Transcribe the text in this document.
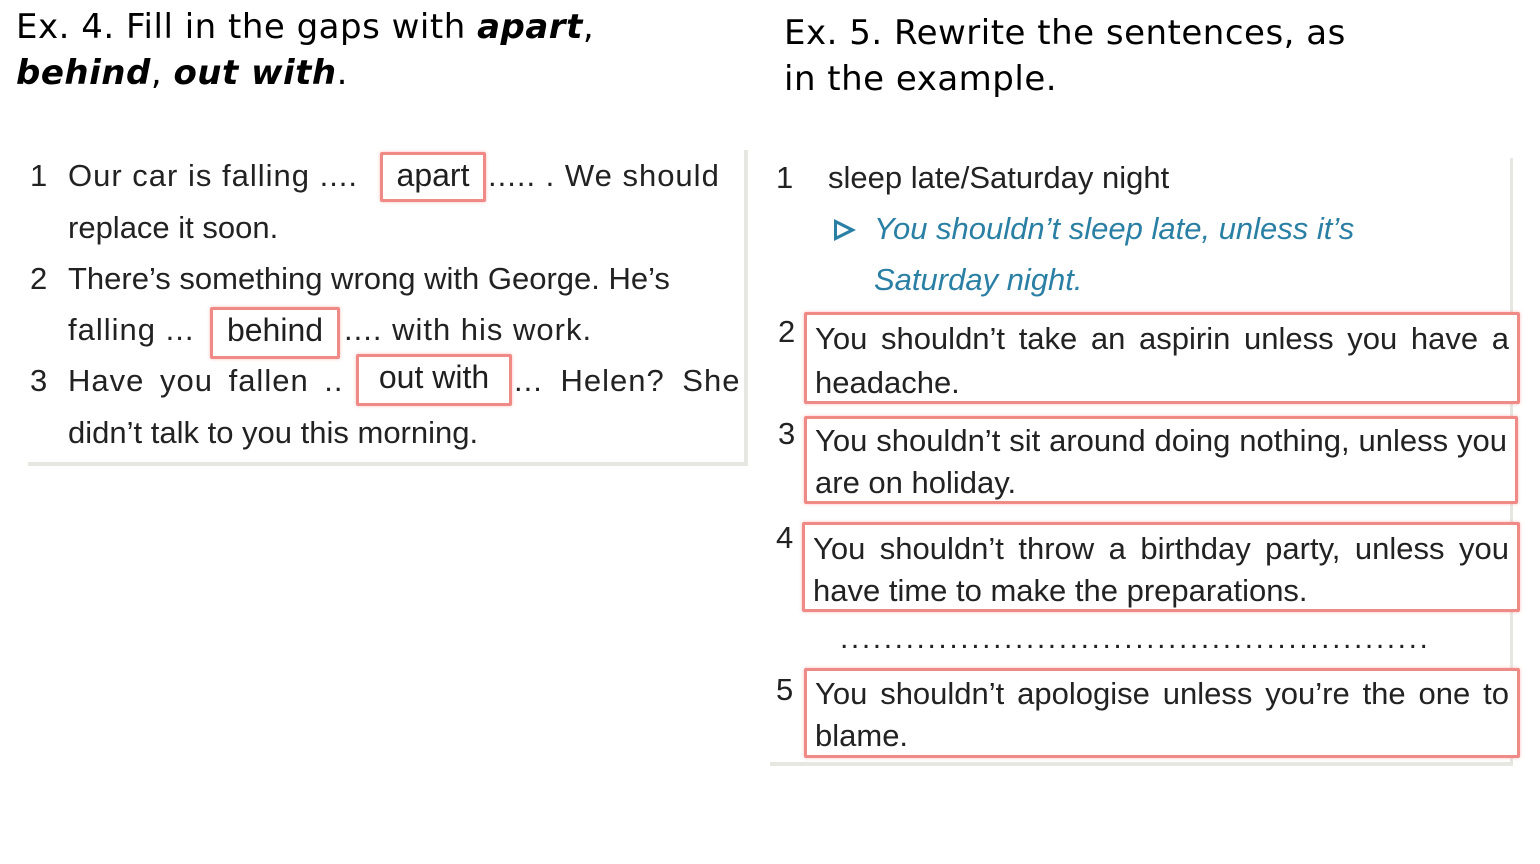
Ex. 4. Fill in the gaps with apart,
behind, out with.
Ex. 5. Rewrite the sentences, as
in the example.
1 Our car is falling ....	apart ..... . We should
replace it soon.
2 There’s something wrong with George. He’s
falling ...	behind .... with his work.
3 Have you fallen ..	out with ... Helen? She
didn’t talk to you this morning.
1 sleep late/Saturday night
You shouldn’t sleep late, unless it’s
Saturday night.
2 You shouldn’t take an aspirin unless you have a headache.
3 You shouldn’t sit around doing nothing, unless you are on holiday.
4 You shouldn’t throw a birthday party, unless you have time to make the preparations.
......................................................
5 You shouldn’t apologise unless you’re the one to blame.
